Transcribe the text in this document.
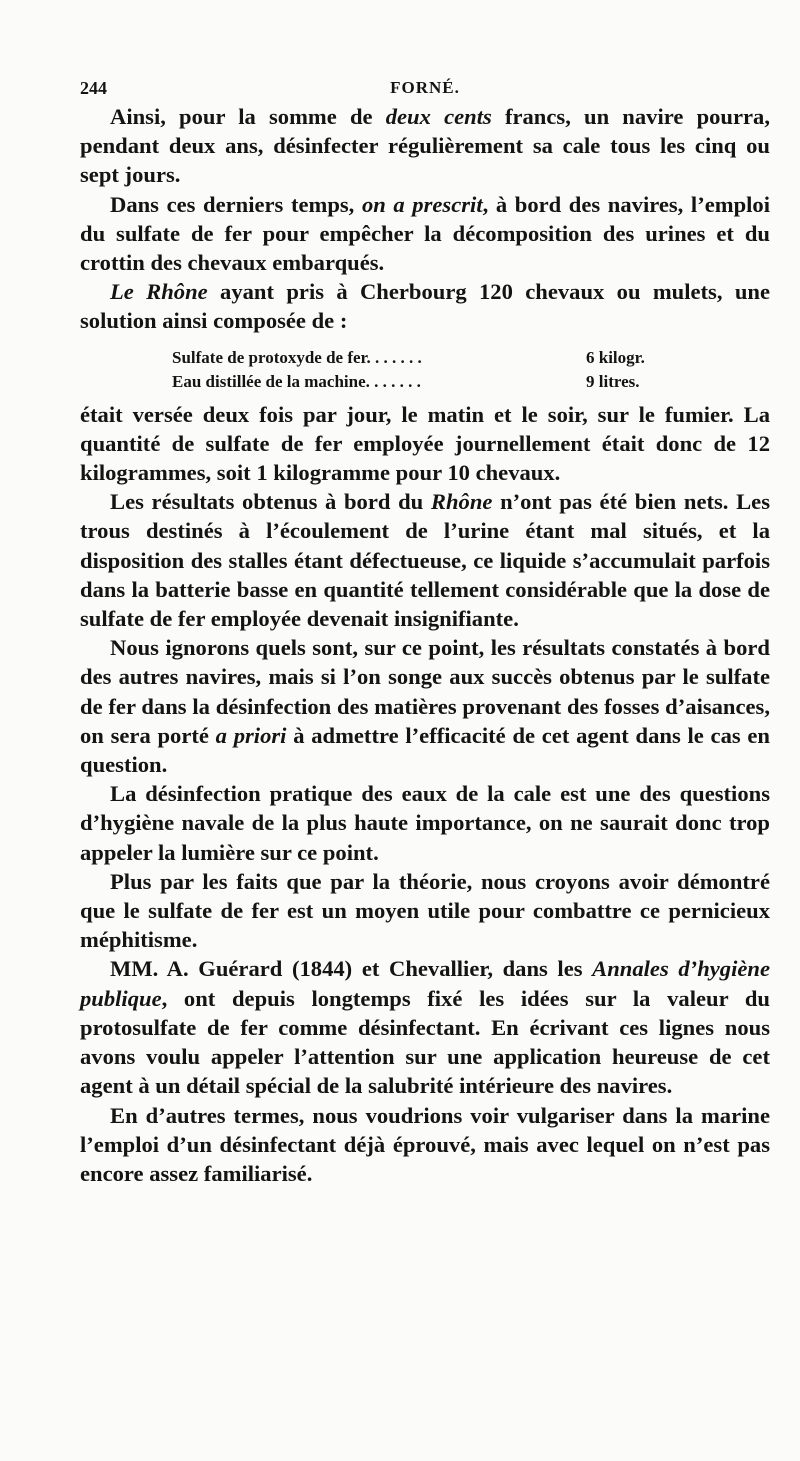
244	FORNÉ.

Ainsi, pour la somme de deux cents francs, un navire pourra, pendant deux ans, désinfecter régulièrement sa cale tous les cinq ou sept jours.

Dans ces derniers temps, on a prescrit, à bord des navires, l’emploi du sulfate de fer pour empêcher la décomposition des urines et du crottin des chevaux embarqués.

Le Rhône ayant pris à Cherbourg 120 chevaux ou mulets, une solution ainsi composée de :

Sulfate de protoxyde de fer. . . . . . .	6 kilogr.
Eau distillée de la machine. . . . . . .	9 litres.

était versée deux fois par jour, le matin et le soir, sur le fumier. La quantité de sulfate de fer employée journellement était donc de 12 kilogrammes, soit 1 kilogramme pour 10 chevaux.

Les résultats obtenus à bord du Rhône n’ont pas été bien nets. Les trous destinés à l’écoulement de l’urine étant mal situés, et la disposition des stalles étant défectueuse, ce liquide s’accumulait parfois dans la batterie basse en quantité tellement considérable que la dose de sulfate de fer employée devenait insignifiante.

Nous ignorons quels sont, sur ce point, les résultats constatés à bord des autres navires, mais si l’on songe aux succès obtenus par le sulfate de fer dans la désinfection des matières provenant des fosses d’aisances, on sera porté a priori à admettre l’efficacité de cet agent dans le cas en question.

La désinfection pratique des eaux de la cale est une des questions d’hygiène navale de la plus haute importance, on ne saurait donc trop appeler la lumière sur ce point.

Plus par les faits que par la théorie, nous croyons avoir démontré que le sulfate de fer est un moyen utile pour combattre ce pernicieux méphitisme.

MM. A. Guérard (1844) et Chevallier, dans les Annales d’hygiène publique, ont depuis longtemps fixé les idées sur la valeur du protosulfate de fer comme désinfectant. En écrivant ces lignes nous avons voulu appeler l’attention sur une application heureuse de cet agent à un détail spécial de la salubrité intérieure des navires.

En d’autres termes, nous voudrions voir vulgariser dans la marine l’emploi d’un désinfectant déjà éprouvé, mais avec lequel on n’est pas encore assez familiarisé.
